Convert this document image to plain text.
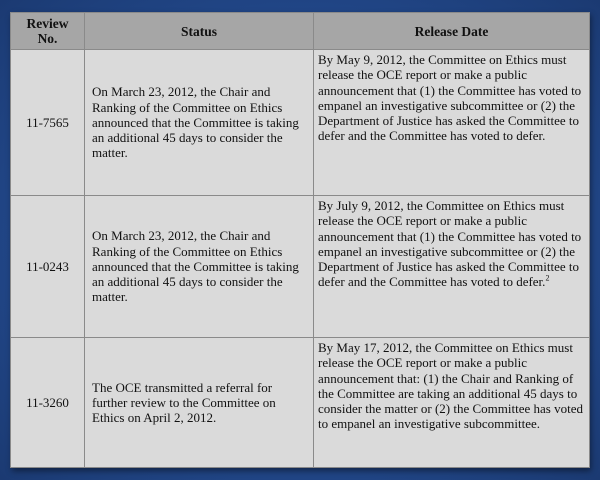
Review No.	Status	Release Date
11-7565	On March 23, 2012, the Chair and Ranking of the Committee on Ethics announced that the Committee is taking an additional 45 days to consider the matter.	By May 9, 2012, the Committee on Ethics must release the OCE report or make a public announcement that (1) the Committee has voted to empanel an investigative subcommittee or (2) the Department of Justice has asked the Committee to defer and the Committee has voted to defer.
11-0243	On March 23, 2012, the Chair and Ranking of the Committee on Ethics announced that the Committee is taking an additional 45 days to consider the matter.	By July 9, 2012, the Committee on Ethics must release the OCE report or make a public announcement that (1) the Committee has voted to empanel an investigative subcommittee or (2) the Department of Justice has asked the Committee to defer and the Committee has voted to defer.$^2$
11-3260	The OCE transmitted a referral for further review to the Committee on Ethics on April 2, 2012.	By May 17, 2012, the Committee on Ethics must release the OCE report or make a public announcement that: (1) the Chair and Ranking of the Committee are taking an additional 45 days to consider the matter or (2) the Committee has voted to empanel an investigative subcommittee.
